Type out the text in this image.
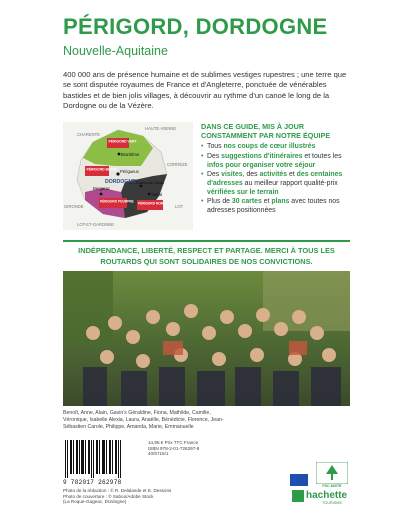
PÉRIGORD, DORDOGNE
Nouvelle-Aquitaine
400 000 ans de présence humaine et de sublimes vestiges rupestres ; une terre que se sont disputée royaumes de France et d'Angleterre, ponctuée de vénérables bastides et de bien jolis villages, à découvrir au rythme d'un canoë le long de la Dordogne ou de la Vézère.
CHARENTE
HAUTE-VIENNE
CORRÈZE
LOT
GIRONDE
LOT-ET-GARONNE
PÉRIGORD VERT
PÉRIGORD BLANC
PÉRIGORD POURPRE PÉRIGORD NOIR
Brantôme
Périgueux
Les Eyzies-de-Tayac
Bergerac
Sarlat
DORDOGNE
DANS CE GUIDE, MIS À JOUR CONSTAMMENT PAR NOTRE ÉQUIPE
• Tous nos coups de cœur illustrés
• Des suggestions d'itinéraires et toutes les infos pour organiser votre séjour
• Des visites, des activités et des centaines d'adresses au meilleur rapport qualité-prix vérifiées sur le terrain
• Plus de 30 cartes et plans avec toutes nos adresses positionnées
INDÉPENDANCE, LIBERTÉ, RESPECT ET PARTAGE. MERCI À TOUS LES ROUTARDS QUI SONT SOLIDAIRES DE NOS CONVICTIONS.
Benoît, Anne, Alain, Gavin's Géraldine, Fiona, Mathilde, Camille, Véronique, Isabelle Alexia, Laura, Anaëlle, Bénédicte, Florence, Jean-Sébastien Carole, Philippe, Amanda, Marie, Emmanuelle
9 782017 262978
14,95 € Prix TTC France
ISBN 978-2-01-726297-8
40/6715/1
Photo de la rédaction : © R. Delalande et E. Dessons
Photo de couverture : © Saboo/Adobe Stock
(La Roque-Gageac, Dordogne)
FSC MIXTE
hachette
TOURISME
